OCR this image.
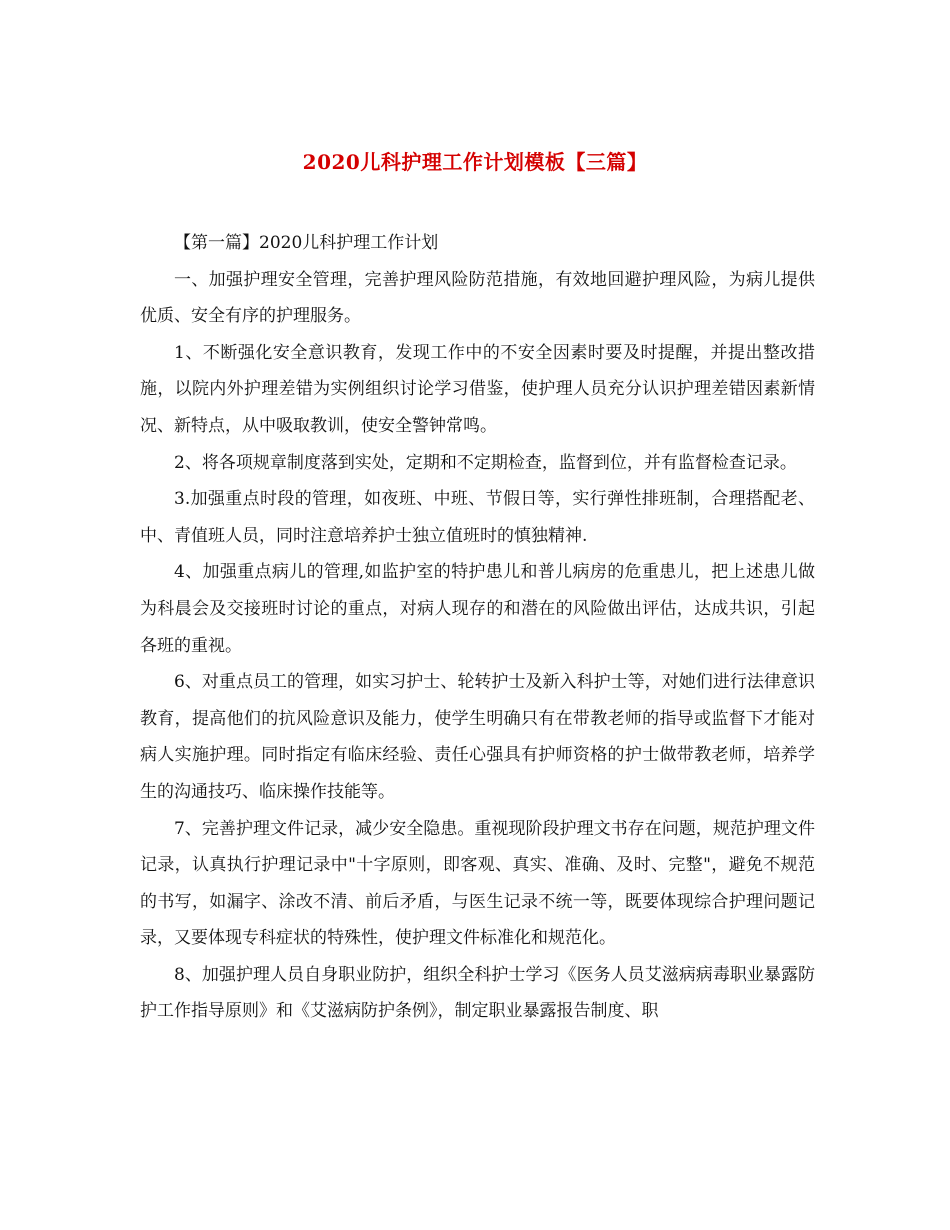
2020儿科护理工作计划模板【三篇】

【第一篇】2020儿科护理工作计划

一、加强护理安全管理，完善护理风险防范措施，有效地回避护理风险，为病儿提供优质、安全有序的护理服务。

1、不断强化安全意识教育，发现工作中的不安全因素时要及时提醒，并提出整改措施，以院内外护理差错为实例组织讨论学习借鉴，使护理人员充分认识护理差错因素新情况、新特点，从中吸取教训，使安全警钟常鸣。

2、将各项规章制度落到实处，定期和不定期检查，监督到位，并有监督检查记录。

3.加强重点时段的管理，如夜班、中班、节假日等，实行弹性排班制，合理搭配老、中、青值班人员，同时注意培养护士独立值班时的慎独精神.

4、加强重点病儿的管理,如监护室的特护患儿和普儿病房的危重患儿，把上述患儿做为科晨会及交接班时讨论的重点，对病人现存的和潜在的风险做出评估，达成共识，引起各班的重视。

6、对重点员工的管理，如实习护士、轮转护士及新入科护士等，对她们进行法律意识教育，提高他们的抗风险意识及能力，使学生明确只有在带教老师的指导或监督下才能对病人实施护理。同时指定有临床经验、责任心强具有护师资格的护士做带教老师，培养学生的沟通技巧、临床操作技能等。

7、完善护理文件记录，减少安全隐患。重视现阶段护理文书存在问题，规范护理文件记录，认真执行护理记录中"十字原则，即客观、真实、准确、及时、完整"，避免不规范的书写，如漏字、涂改不清、前后矛盾，与医生记录不统一等，既要体现综合护理问题记录，又要体现专科症状的特殊性，使护理文件标准化和规范化。

8、加强护理人员自身职业防护，组织全科护士学习《医务人员艾滋病病毒职业暴露防护工作指导原则》和《艾滋病防护条例》，制定职业暴露报告制度、职
